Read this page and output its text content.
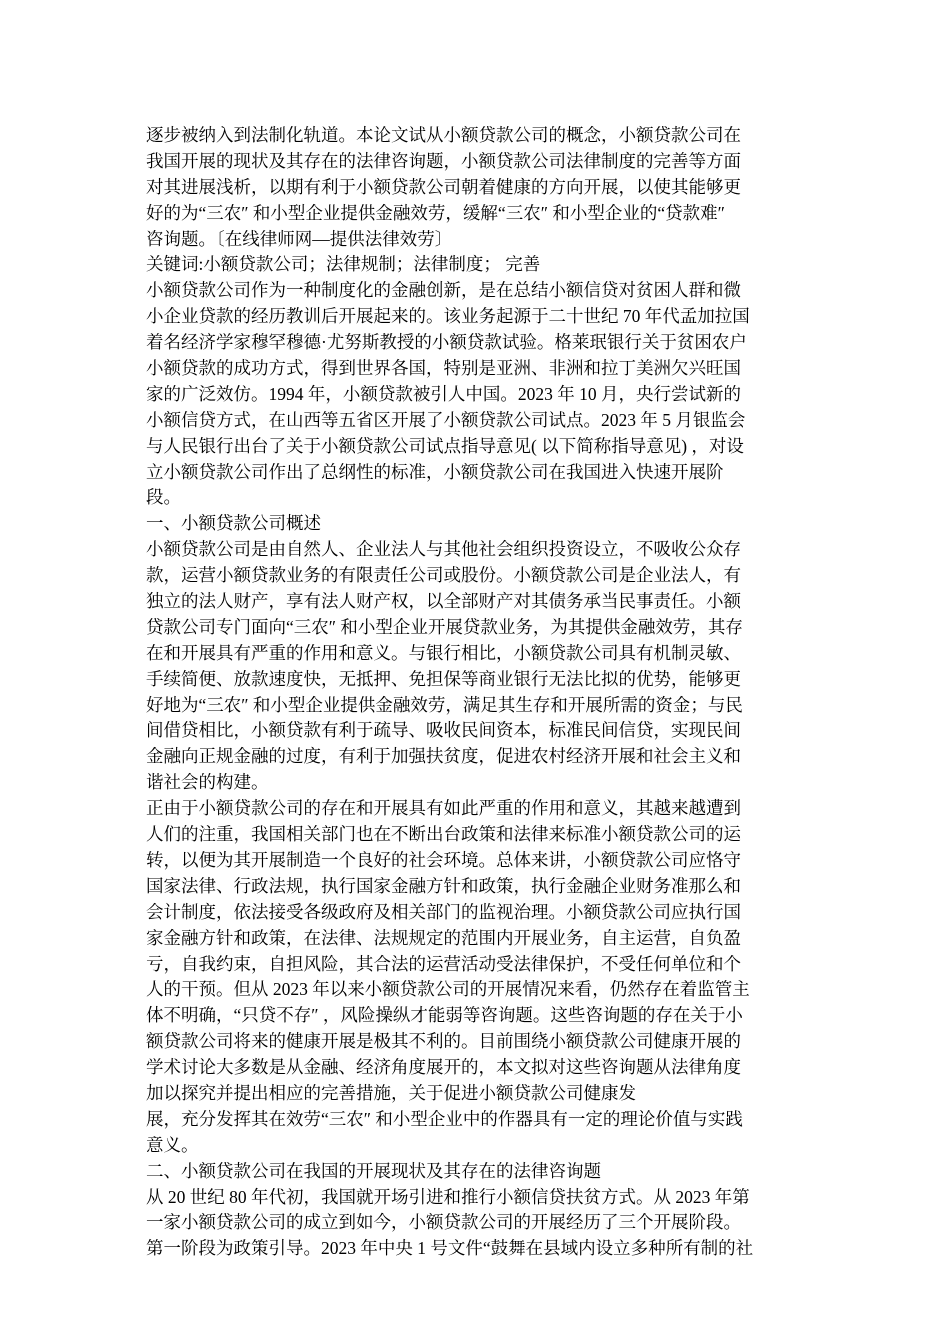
逐步被纳入到法制化轨道。本论文试从小额贷款公司的概念，小额贷款公司在
我国开展的现状及其存在的法律咨询题，小额贷款公司法律制度的完善等方面
对其进展浅析，以期有利于小额贷款公司朝着健康的方向开展，以使其能够更
好的为“三农″ 和小型企业提供金融效劳，缓解“三农″ 和小型企业的“贷款难″
咨询题。〔在线律师网—提供法律效劳〕
关键词:小额贷款公司；法律规制；法律制度； 完善
小额贷款公司作为一种制度化的金融创新，是在总结小额信贷对贫困人群和微
小企业贷款的经历教训后开展起来的。该业务起源于二十世纪 70 年代孟加拉国
着名经济学家穆罕穆德·尤努斯教授的小额贷款试验。格莱珉银行关于贫困农户
小额贷款的成功方式，得到世界各国，特别是亚洲、非洲和拉丁美洲欠兴旺国
家的广泛效仿。1994 年，小额贷款被引人中国。2023 年 10 月，央行尝试新的
小额信贷方式，在山西等五省区开展了小额贷款公司试点。2023 年 5 月银监会
与人民银行出台了关于小额贷款公司试点指导意见( 以下简称指导意见) ，对设
立小额贷款公司作出了总纲性的标准，小额贷款公司在我国进入快速开展阶
段。
一、小额贷款公司概述
小额贷款公司是由自然人、企业法人与其他社会组织投资设立，不吸收公众存
款，运营小额贷款业务的有限责任公司或股份。小额贷款公司是企业法人，有
独立的法人财产，享有法人财产权，以全部财产对其债务承当民事责任。小额
贷款公司专门面向“三农″ 和小型企业开展贷款业务，为其提供金融效劳，其存
在和开展具有严重的作用和意义。与银行相比，小额贷款公司具有机制灵敏、
手续简便、放款速度快，无抵押、免担保等商业银行无法比拟的优势，能够更
好地为“三农″ 和小型企业提供金融效劳，满足其生存和开展所需的资金；与民
间借贷相比，小额贷款有利于疏导、吸收民间资本，标准民间信贷，实现民间
金融向正规金融的过度，有利于加强扶贫度，促进农村经济开展和社会主义和
谐社会的构建。
正由于小额贷款公司的存在和开展具有如此严重的作用和意义，其越来越遭到
人们的注重，我国相关部门也在不断出台政策和法律来标准小额贷款公司的运
转，以便为其开展制造一个良好的社会环境。总体来讲，小额贷款公司应恪守
国家法律、行政法规，执行国家金融方针和政策，执行金融企业财务准那么和
会计制度，依法接受各级政府及相关部门的监视治理。小额贷款公司应执行国
家金融方针和政策，在法律、法规规定的范围内开展业务，自主运营，自负盈
亏，自我约束，自担风险，其合法的运营活动受法律保护，不受任何单位和个
人的干预。但从 2023 年以来小额贷款公司的开展情况来看，仍然存在着监管主
体不明确，“只贷不存″ ，风险操纵才能弱等咨询题。这些咨询题的存在关于小
额贷款公司将来的健康开展是极其不利的。目前围绕小额贷款公司健康开展的
学术讨论大多数是从金融、经济角度展开的，本文拟对这些咨询题从法律角度
加以探究并提出相应的完善措施，关于促进小额贷款公司健康发
展，充分发挥其在效劳“三农″ 和小型企业中的作器具有一定的理论价值与实践
意义。
二、小额贷款公司在我国的开展现状及其存在的法律咨询题
从 20 世纪 80 年代初，我国就开场引进和推行小额信贷扶贫方式。从 2023 年第
一家小额贷款公司的成立到如今，小额贷款公司的开展经历了三个开展阶段。
第一阶段为政策引导。2023 年中央 1 号文件“鼓舞在县域内设立多种所有制的社
